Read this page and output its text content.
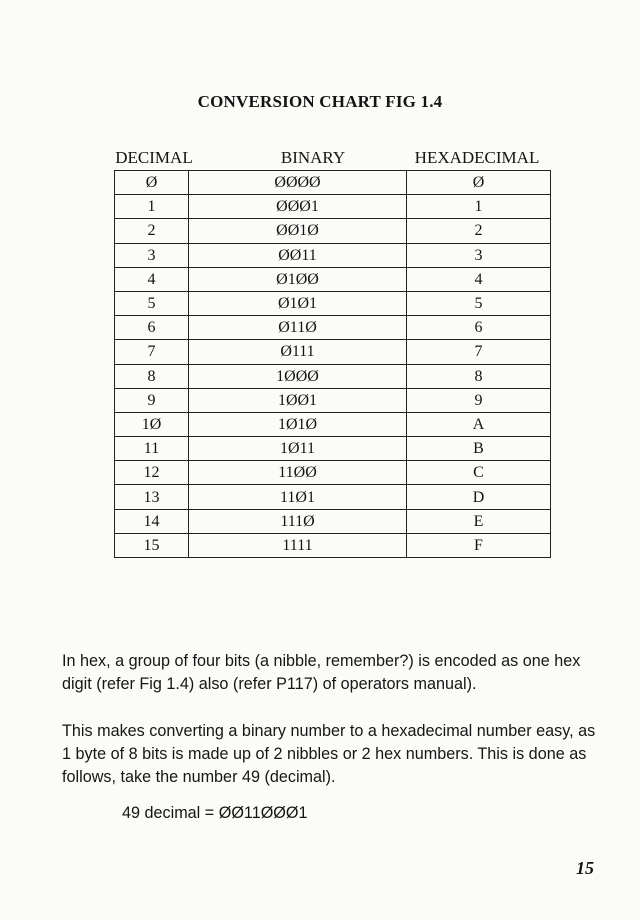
CONVERSION CHART FIG 1.4
DECIMAL	BINARY	HEXADECIMAL
Ø	ØØØØ	Ø
1	ØØØ1	1
2	ØØ1Ø	2
3	ØØ11	3
4	Ø1ØØ	4
5	Ø1Ø1	5
6	Ø11Ø	6
7	Ø111	7
8	1ØØØ	8
9	1ØØ1	9
1Ø	1Ø1Ø	A
11	1Ø11	B
12	11ØØ	C
13	11Ø1	D
14	111Ø	E
15	1111	F
In hex, a group of four bits (a nibble, remember?) is encoded as one hex digit (refer Fig 1.4) also (refer P117) of operators manual).
This makes converting a binary number to a hexadecimal number easy, as 1 byte of 8 bits is made up of 2 nibbles or 2 hex numbers. This is done as follows, take the number 49 (decimal).
49 decimal = ØØ11ØØØ1
15
